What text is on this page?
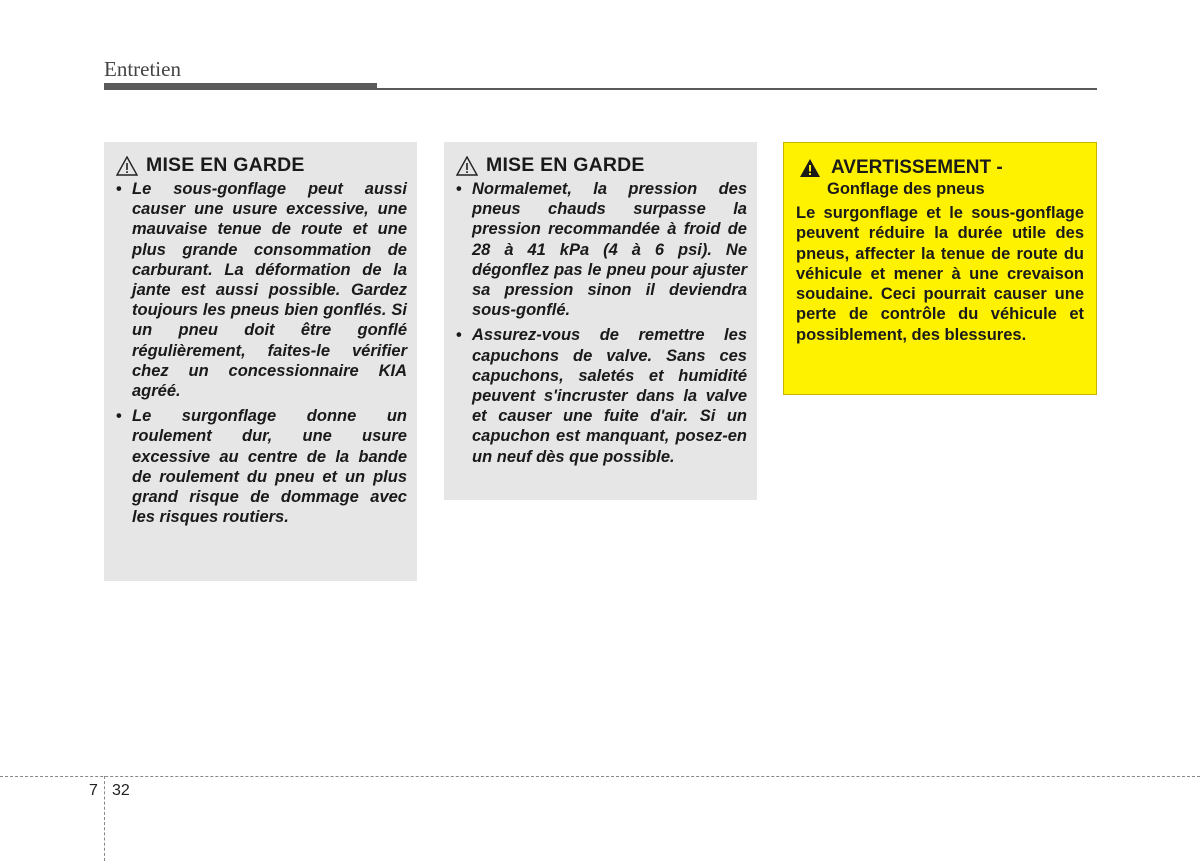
Entretien
MISE EN GARDE
• Le sous-gonflage peut aussi causer une usure excessive, une mauvaise tenue de route et une plus grande consommation de carburant. La déformation de la jante est aussi possible. Gardez toujours les pneus bien gonflés. Si un pneu doit être gonflé régulièrement, faites-le vérifier chez un concessionnaire KIA agréé.
• Le surgonflage donne un roulement dur, une usure excessive au centre de la bande de roulement du pneu et un plus grand risque de dommage avec les risques routiers.
MISE EN GARDE
• Normalemet, la pression des pneus chauds surpasse la pression recommandée à froid de 28 à 41 kPa (4 à 6 psi). Ne dégonflez pas le pneu pour ajuster sa pression sinon il deviendra sous-gonflé.
• Assurez-vous de remettre les capuchons de valve. Sans ces capuchons, saletés et humidité peuvent s'incruster dans la valve et causer une fuite d'air. Si un capuchon est manquant, posez-en un neuf dès que possible.
AVERTISSEMENT -
Gonflage des pneus
Le surgonflage et le sous-gonflage peuvent réduire la durée utile des pneus, affecter la tenue de route du véhicule et mener à une crevaison soudaine. Ceci pourrait causer une perte de contrôle du véhicule et possiblement, des blessures.
7 32
